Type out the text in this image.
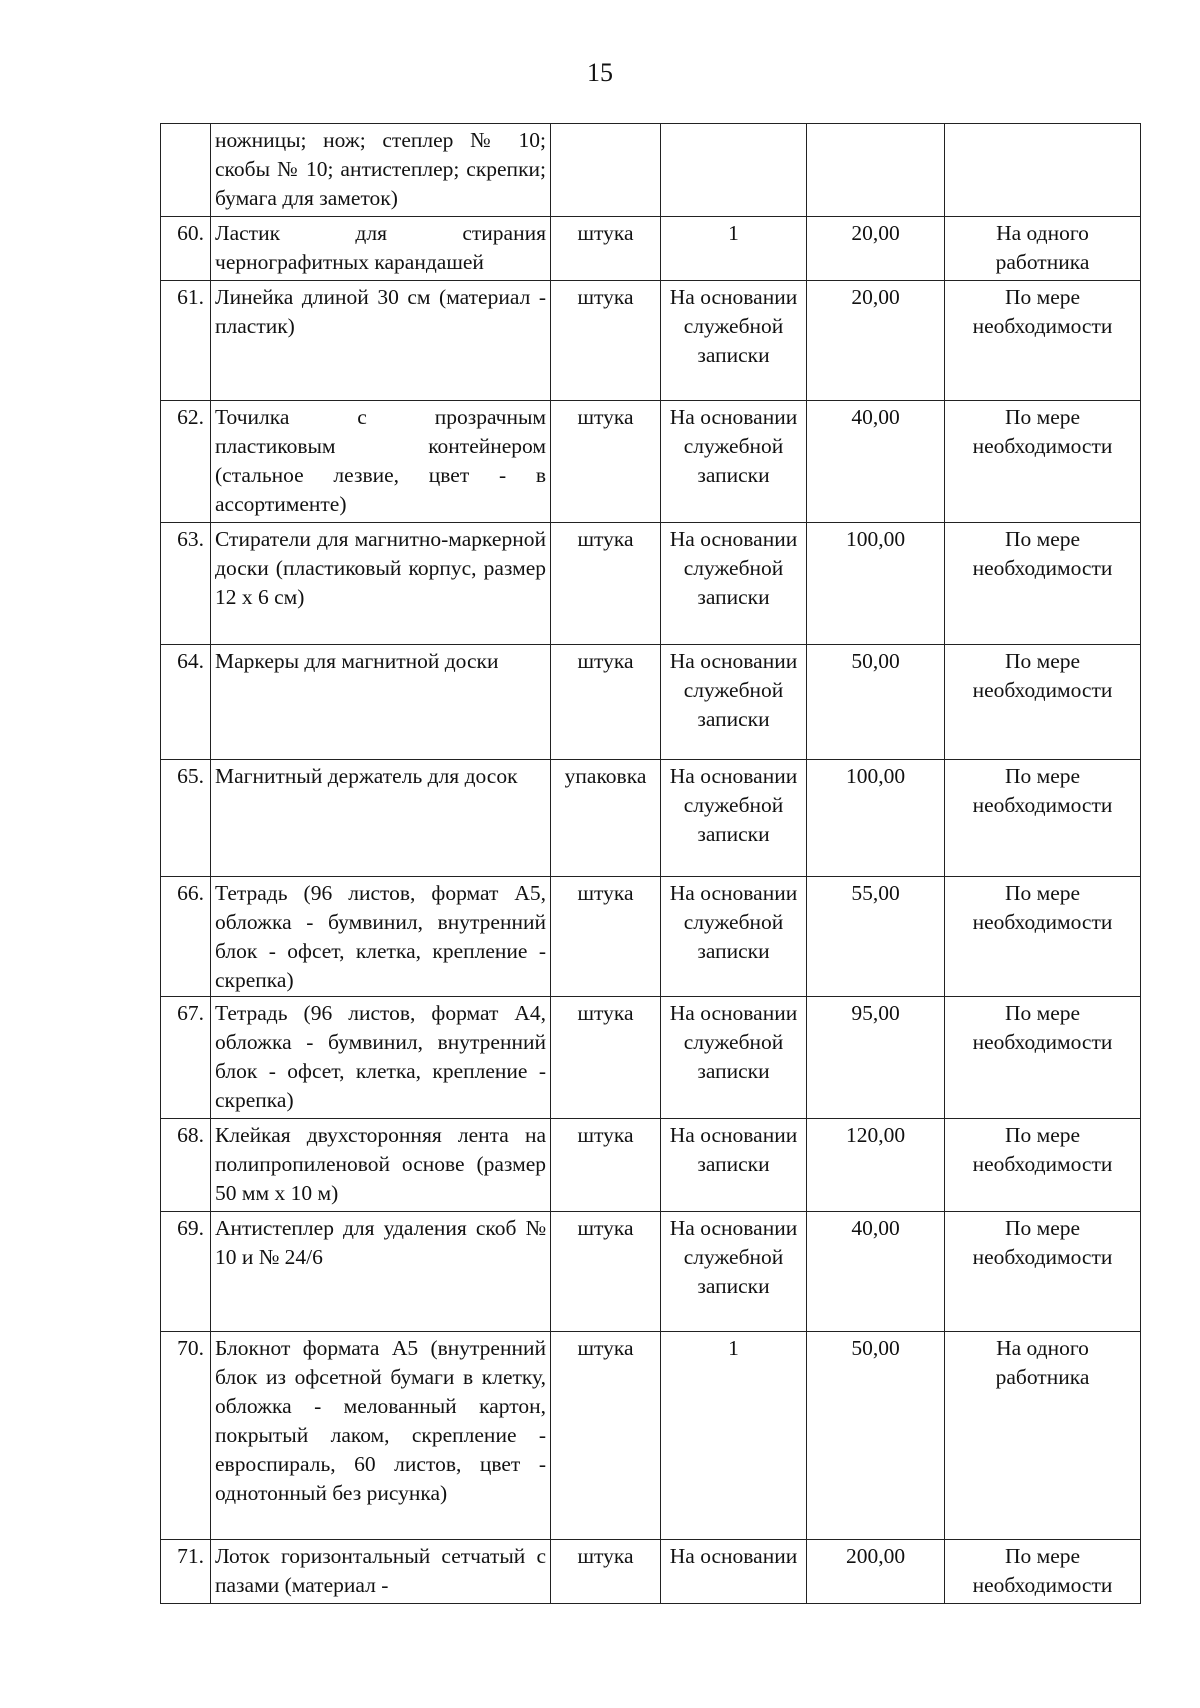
15
	ножницы; нож; степлер № 10; скобы № 10; антистеплер; скрепки; бумага для заметок)				
60.	Ластик для стирания чернографитных карандашей	штука	1	20,00	На одного работника
61.	Линейка длиной 30 см (материал - пластик)	штука	На основании служебной записки	20,00	По мере необходимости
62.	Точилка с прозрачным пластиковым контейнером (стальное лезвие, цвет - в ассортименте)	штука	На основании служебной записки	40,00	По мере необходимости
63.	Стиратели для магнитно-маркерной доски (пластиковый корпус, размер 12 х 6 см)	штука	На основании служебной записки	100,00	По мере необходимости
64.	Маркеры для магнитной доски	штука	На основании служебной записки	50,00	По мере необходимости
65.	Магнитный держатель для досок	упаковка	На основании служебной записки	100,00	По мере необходимости
66.	Тетрадь (96 листов, формат А5, обложка - бумвинил, внутренний блок - офсет, клетка, крепление - скрепка)	штука	На основании служебной записки	55,00	По мере необходимости
67.	Тетрадь (96 листов, формат А4, обложка - бумвинил, внутренний блок - офсет, клетка, крепление - скрепка)	штука	На основании служебной записки	95,00	По мере необходимости
68.	Клейкая двухсторонняя лента на полипропиленовой основе (размер 50 мм х 10 м)	штука	На основании записки	120,00	По мере необходимости
69.	Антистеплер для удаления скоб № 10 и № 24/6	штука	На основании служебной записки	40,00	По мере необходимости
70.	Блокнот формата А5 (внутренний блок из офсетной бумаги в клетку, обложка - мелованный картон, покрытый лаком, скрепление - евроспираль, 60 листов, цвет - однотонный без рисунка)	штука	1	50,00	На одного работника
71.	Лоток горизонтальный сетчатый с пазами (материал -	штука	На основании	200,00	По мере необходимости
